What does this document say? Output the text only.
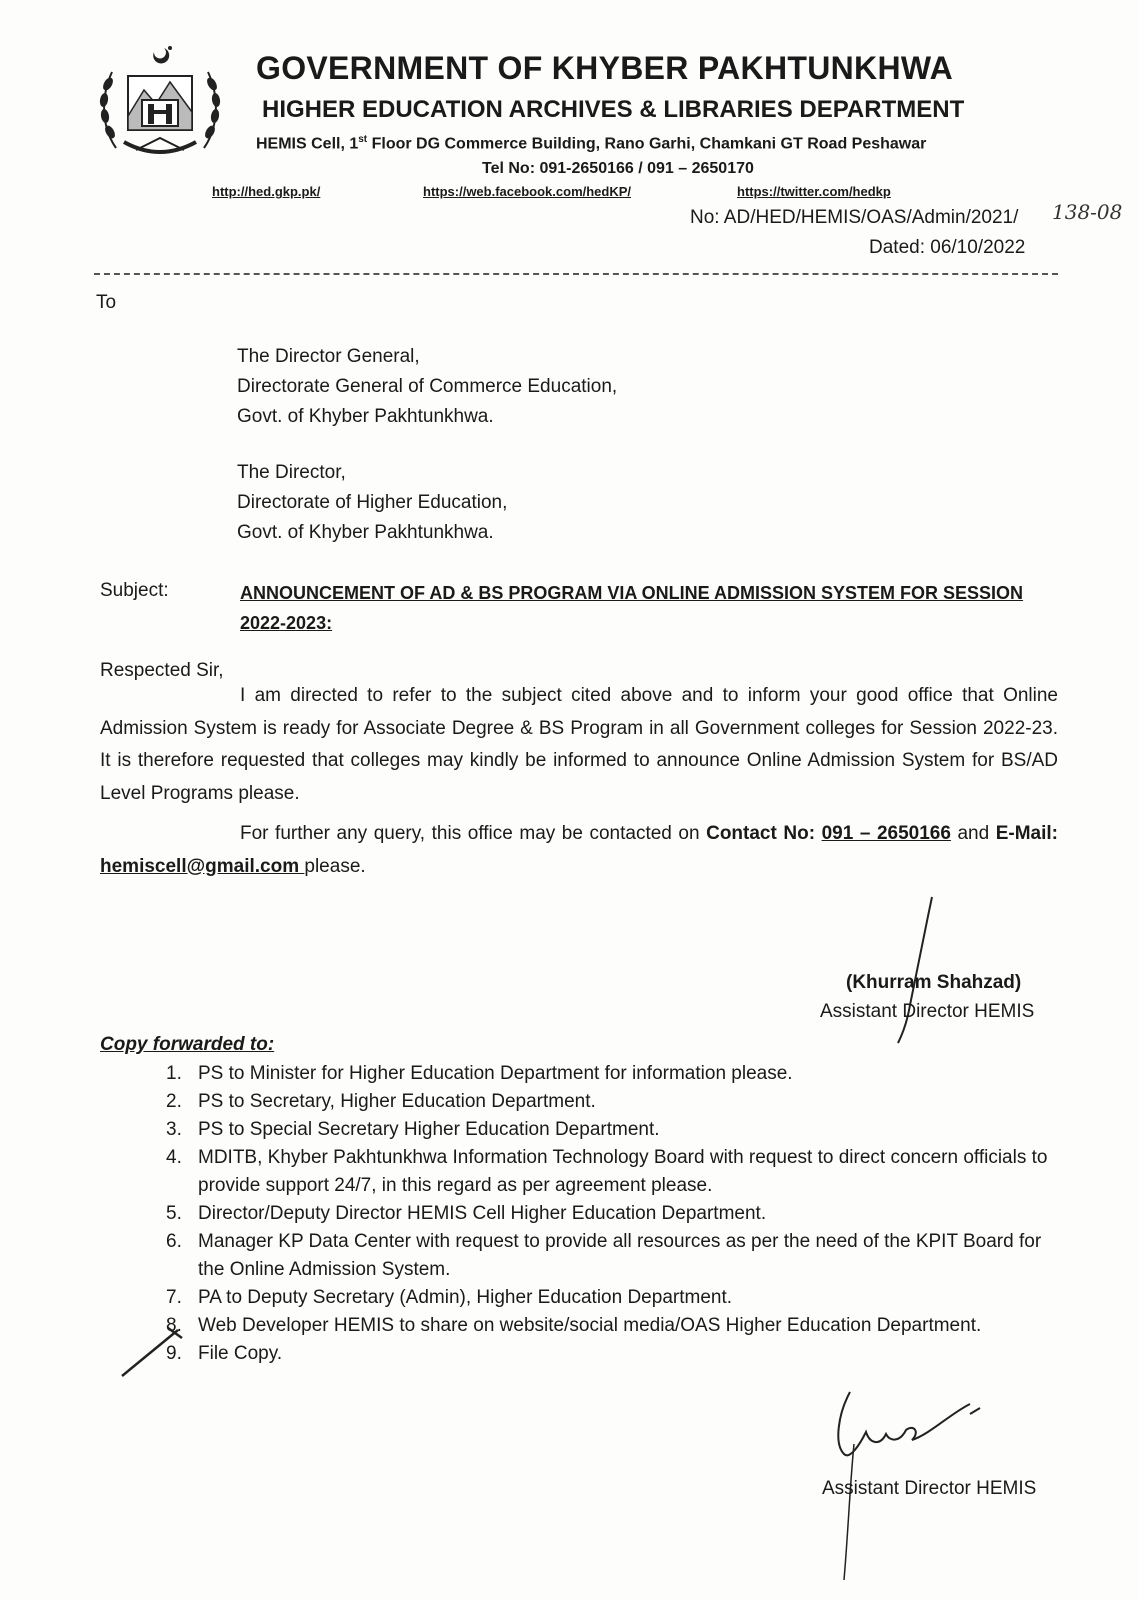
GOVERNMENT OF KHYBER PAKHTUNKHWA
HIGHER EDUCATION ARCHIVES & LIBRARIES DEPARTMENT
HEMIS Cell, 1st Floor DG Commerce Building, Rano Garhi, Chamkani GT Road Peshawar
Tel No: 091-2650166 / 091 – 2650170
http://hed.gkp.pk/	https://web.facebook.com/hedKP/	https://twitter.com/hedkp
No: AD/HED/HEMIS/OAS/Admin/2021/ 138-08
Dated: 06/10/2022
To
The Director General,
Directorate General of Commerce Education,
Govt. of Khyber Pakhtunkhwa.
The Director,
Directorate of Higher Education,
Govt. of Khyber Pakhtunkhwa.
Subject:	ANNOUNCEMENT OF AD & BS PROGRAM VIA ONLINE ADMISSION SYSTEM FOR SESSION 2022-2023:
Respected Sir,
I am directed to refer to the subject cited above and to inform your good office that Online Admission System is ready for Associate Degree & BS Program in all Government colleges for Session 2022-23. It is therefore requested that colleges may kindly be informed to announce Online Admission System for BS/AD Level Programs please.
For further any query, this office may be contacted on Contact No: 091 – 2650166 and E-Mail: hemiscell@gmail.com please.
(Khurram Shahzad)
Assistant Director HEMIS
Copy forwarded to:
1. PS to Minister for Higher Education Department for information please.
2. PS to Secretary, Higher Education Department.
3. PS to Special Secretary Higher Education Department.
4. MDITB, Khyber Pakhtunkhwa Information Technology Board with request to direct concern officials to provide support 24/7, in this regard as per agreement please.
5. Director/Deputy Director HEMIS Cell Higher Education Department.
6. Manager KP Data Center with request to provide all resources as per the need of the KPIT Board for the Online Admission System.
7. PA to Deputy Secretary (Admin), Higher Education Department.
8. Web Developer HEMIS to share on website/social media/OAS Higher Education Department.
9. File Copy.
Assistant Director HEMIS
